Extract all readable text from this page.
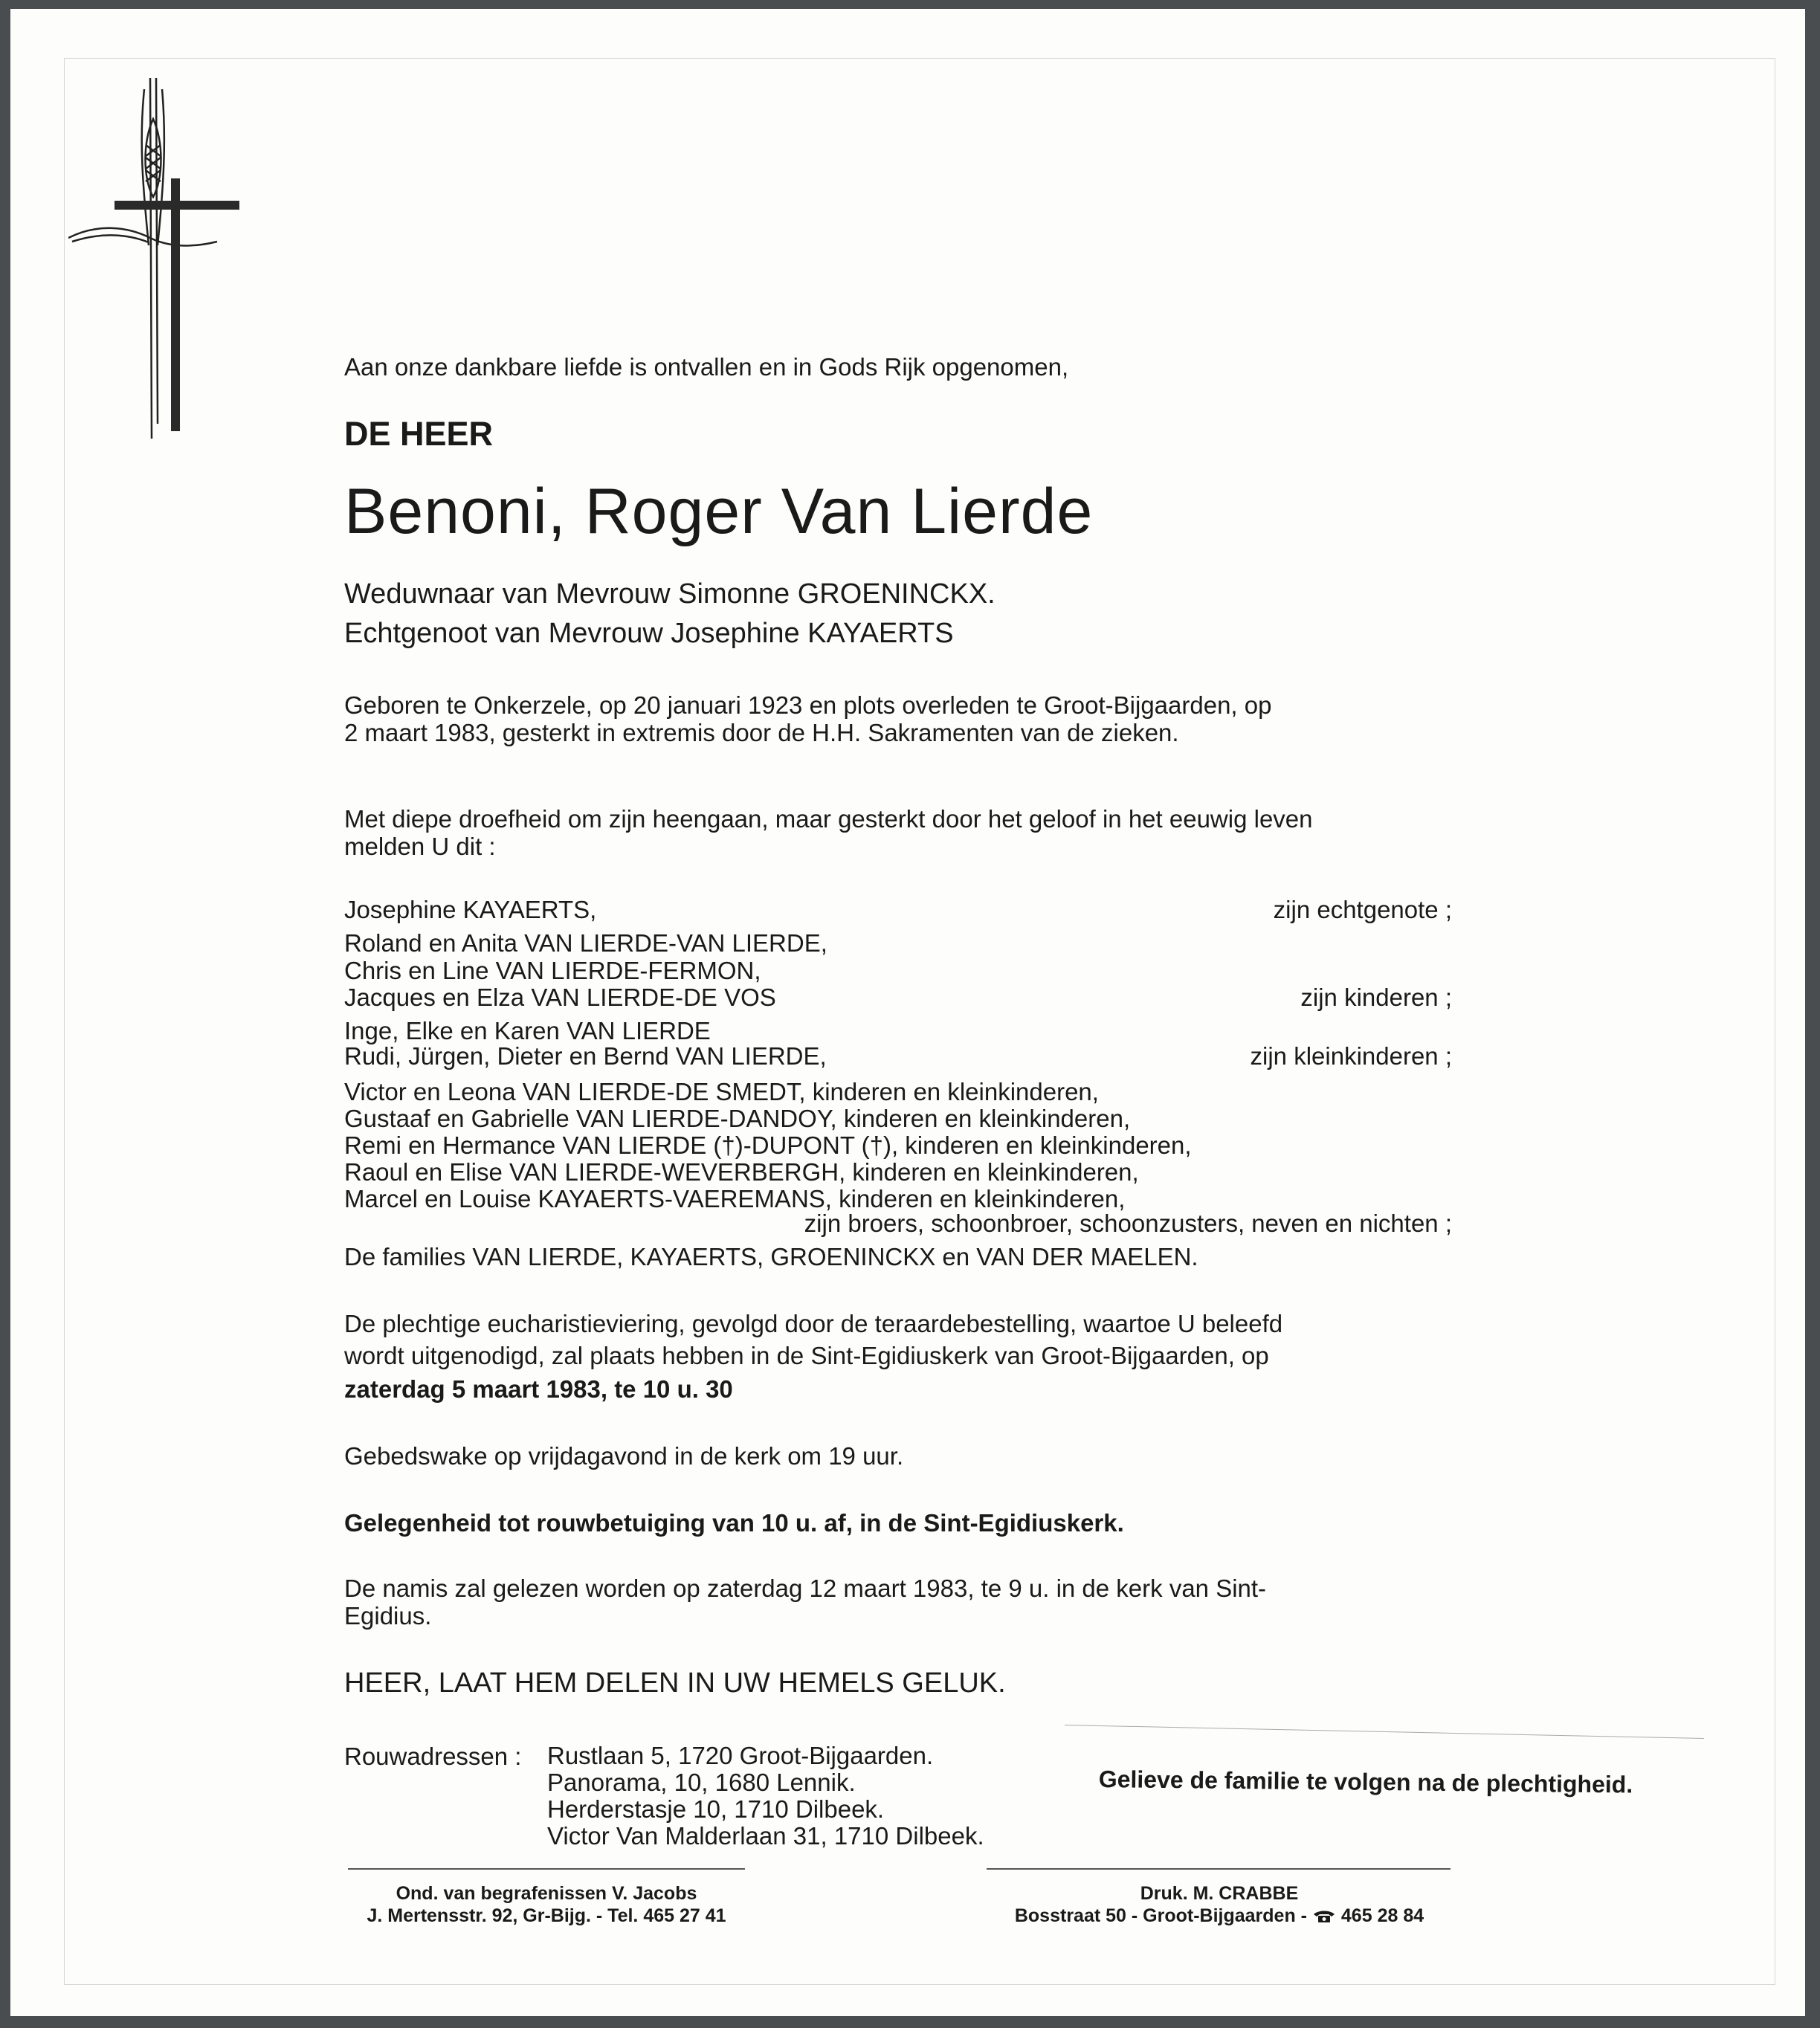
Aan onze dankbare liefde is ontvallen en in Gods Rijk opgenomen,
DE HEER
Benoni, Roger Van Lierde
Weduwnaar van Mevrouw Simonne GROENINCKX.
Echtgenoot van Mevrouw Josephine KAYAERTS
Geboren te Onkerzele, op 20 januari 1923 en plots overleden te Groot-Bijgaarden, op
2 maart 1983, gesterkt in extremis door de H.H. Sakramenten van de zieken.
Met diepe droefheid om zijn heengaan, maar gesterkt door het geloof in het eeuwig leven
melden U dit :
Josephine KAYAERTS,	zijn echtgenote ;
Roland en Anita VAN LIERDE-VAN LIERDE,
Chris en Line VAN LIERDE-FERMON,
Jacques en Elza VAN LIERDE-DE VOS	zijn kinderen ;
Inge, Elke en Karen VAN LIERDE
Rudi, Jürgen, Dieter en Bernd VAN LIERDE,	zijn kleinkinderen ;
Victor en Leona VAN LIERDE-DE SMEDT, kinderen en kleinkinderen,
Gustaaf en Gabrielle VAN LIERDE-DANDOY, kinderen en kleinkinderen,
Remi en Hermance VAN LIERDE (†)-DUPONT (†), kinderen en kleinkinderen,
Raoul en Elise VAN LIERDE-WEVERBERGH, kinderen en kleinkinderen,
Marcel en Louise KAYAERTS-VAEREMANS, kinderen en kleinkinderen,
zijn broers, schoonbroer, schoonzusters, neven en nichten ;
De families VAN LIERDE, KAYAERTS, GROENINCKX en VAN DER MAELEN.
De plechtige eucharistieviering, gevolgd door de teraardebestelling, waartoe U beleefd
wordt uitgenodigd, zal plaats hebben in de Sint-Egidiuskerk van Groot-Bijgaarden, op
zaterdag 5 maart 1983, te 10 u. 30
Gebedswake op vrijdagavond in de kerk om 19 uur.
Gelegenheid tot rouwbetuiging van 10 u. af, in de Sint-Egidiuskerk.
De namis zal gelezen worden op zaterdag 12 maart 1983, te 9 u. in de kerk van Sint-
Egidius.
HEER, LAAT HEM DELEN IN UW HEMELS GELUK.
Rouwadressen : Rustlaan 5, 1720 Groot-Bijgaarden.
Panorama, 10, 1680 Lennik.
Herderstasje 10, 1710 Dilbeek.
Victor Van Malderlaan 31, 1710 Dilbeek.
Gelieve de familie te volgen na de plechtigheid.
Ond. van begrafenissen V. Jacobs
J. Mertensstr. 92, Gr-Bijg. - Tel. 465 27 41
Druk. M. CRABBE
Bosstraat 50 - Groot-Bijgaarden - 465 28 84
